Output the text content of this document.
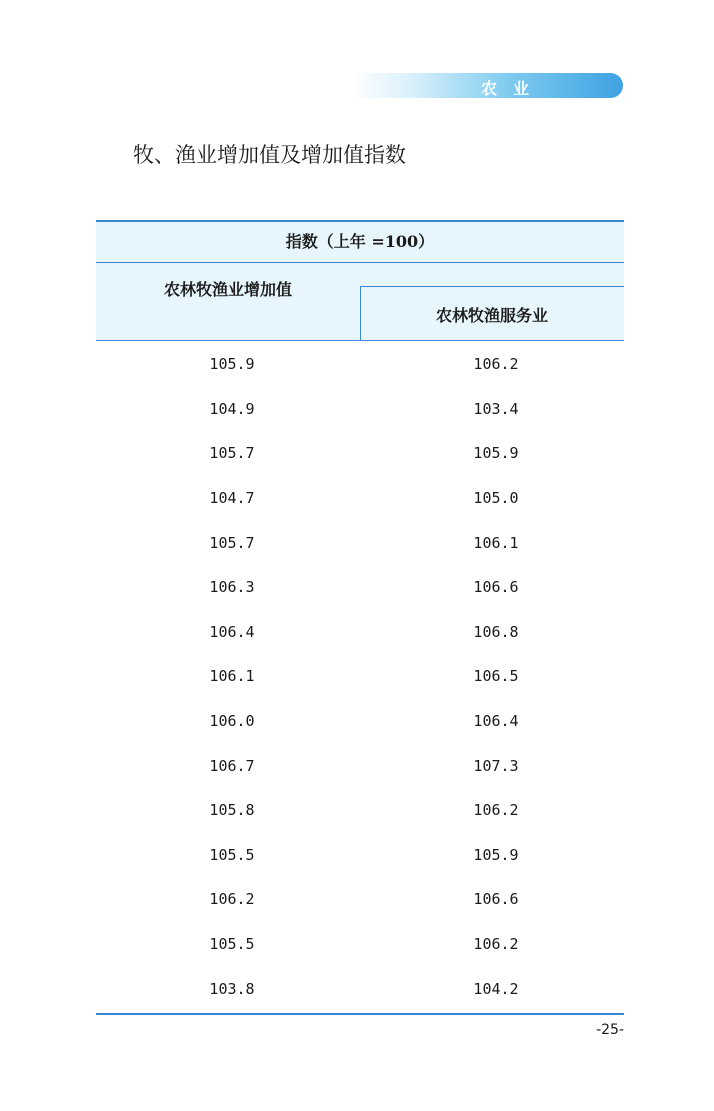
农业
牧、渔业增加值及增加值指数
指数（上年 =100）
农林牧渔业增加值
农林牧渔服务业
105.9	106.2
104.9	103.4
105.7	105.9
104.7	105.0
105.7	106.1
106.3	106.6
106.4	106.8
106.1	106.5
106.0	106.4
106.7	107.3
105.8	106.2
105.5	105.9
106.2	106.6
105.5	106.2
103.8	104.2
-25-
